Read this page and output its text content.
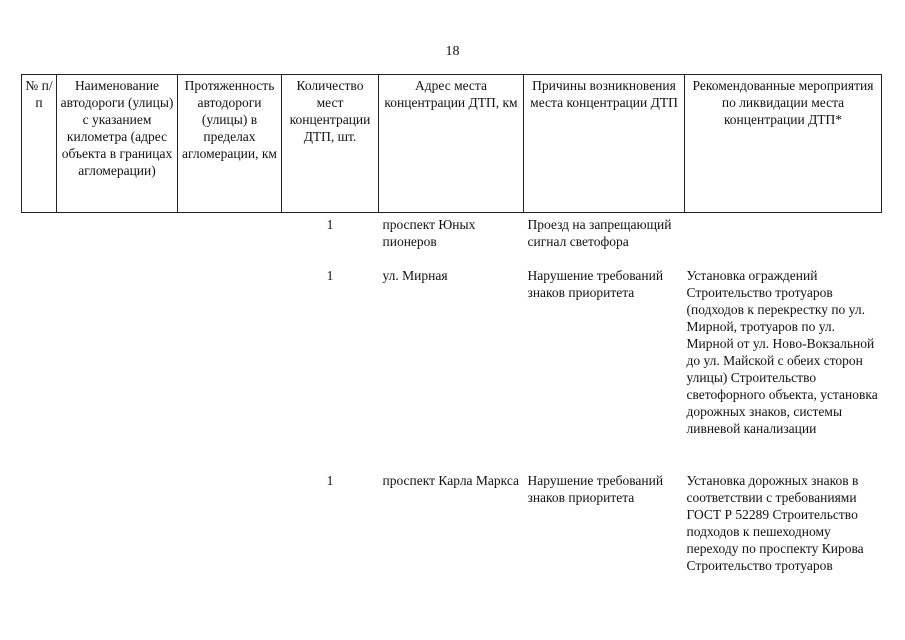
18
№ п/п	Наименование автодороги (улицы) с указанием километра (адрес объекта в границах агломерации)	Протяженность автодороги (улицы) в пределах агломерации, км	Количество мест концентрации ДТП, шт.	Адрес места концентрации ДТП, км	Причины возникновения места концентрации ДТП	Рекомендованные мероприятия по ликвидации места концентрации ДТП*
			1	проспект Юных пионеров	Проезд на запрещающий сигнал светофора	
			1	ул. Мирная	Нарушение требований знаков приоритета	Установка ограждений Строительство тротуаров (подходов к перекрестку по ул. Мирной, тротуаров по ул. Мирной от ул. Ново-Вокзальной до ул. Майской с обеих сторон улицы) Строительство светофорного объекта, установка дорожных знаков, системы ливневой канализации
			1	проспект Карла Маркса	Нарушение требований знаков приоритета	Установка дорожных знаков в соответствии с требованиями ГОСТ Р 52289 Строительство подходов к пешеходному переходу по проспекту Кирова Строительство тротуаров
